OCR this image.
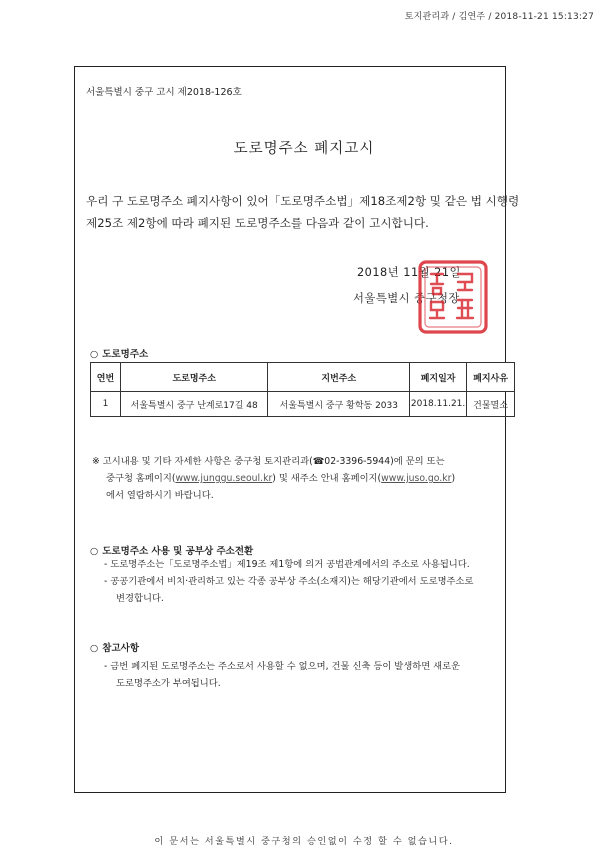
토지관리과 / 김연주 / 2018-11-21 15:13:27
서울특별시 중구 고시 제2018-126호
도로명주소 폐지고시
우리 구 도로명주소 폐지사항이 있어「도로명주소법」제18조제2항 및 같은 법 시행령
제25조 제2항에 따라 폐지된 도로명주소를 다음과 같이 고시합니다.
2018년 11월 21일
서울특별시 중구청장
○ 도로명주소
연번	도로명주소	지번주소	폐지일자	폐지사유
1	서울특별시 중구 난계로17길 48	서울특별시 중구 황학동 2033	2018.11.21.	건물멸소
※ 고시내용 및 기타 자세한 사항은 중구청 토지관리과(☎02-3396-5944)에 문의 또는
중구청 홈페이지(www.junggu.seoul.kr) 및 새주소 안내 홈페이지(www.juso.go.kr)
에서 열람하시기 바랍니다.
○ 도로명주소 사용 및 공부상 주소전환
- 도로명주소는「도로명주소법」제19조 제1항에 의거 공법관계에서의 주소로 사용됩니다.
- 공공기관에서 비치·관리하고 있는 각종 공부상 주소(소재지)는 해당기관에서 도로명주소로
변경합니다.
○ 참고사항
- 금번 폐지된 도로명주소는 주소로서 사용할 수 없으며, 건물 신축 등이 발생하면 새로운
도로명주소가 부여됩니다.
이 문서는 서울특별시 중구청의 승인없이 수정 할 수 없습니다.
